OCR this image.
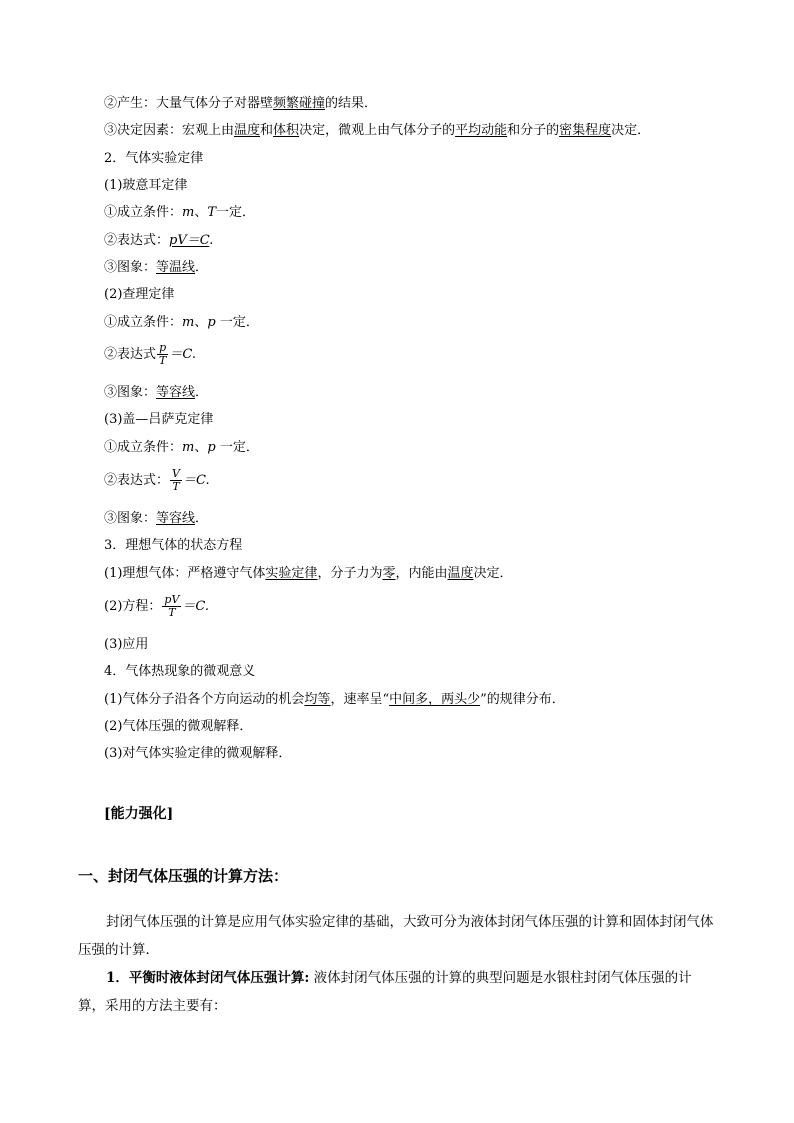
②产生：大量气体分子对器壁频繁碰撞的结果．
③决定因素：宏观上由温度和体积决定，微观上由气体分子的平均动能和分子的密集程度决定．
2．气体实验定律
(1)玻意耳定律
①成立条件：m、T一定．
②表达式：pV＝C.
③图象：等温线．
(2)查理定律
①成立条件：m、p 一定．
②表达式 $\frac{p}{T} =C$.
③图象：等容线．
(3)盖—吕萨克定律
①成立条件：m、p 一定．
②表达式： $\frac{V}{T} =C$.
③图象：等容线．
3．理想气体的状态方程
(1)理想气体：严格遵守气体实验定律，分子力为零，内能由温度决定．
(2)方程： $\frac{pV}{T} =C$.
(3)应用
4．气体热现象的微观意义
(1)气体分子沿各个方向运动的机会均等，速率呈“中间多，两头少”的规律分布．
(2)气体压强的微观解释．
(3)对气体实验定律的微观解释．
[能力强化]
一、封闭气体压强的计算方法：
封闭气体压强的计算是应用气体实验定律的基础，大致可分为液体封闭气体压强的计算和固体封闭气体压强的计算．
1．平衡时液体封闭气体压强计算: 液体封闭气体压强的计算的典型问题是水银柱封闭气体压强的计算，采用的方法主要有：
